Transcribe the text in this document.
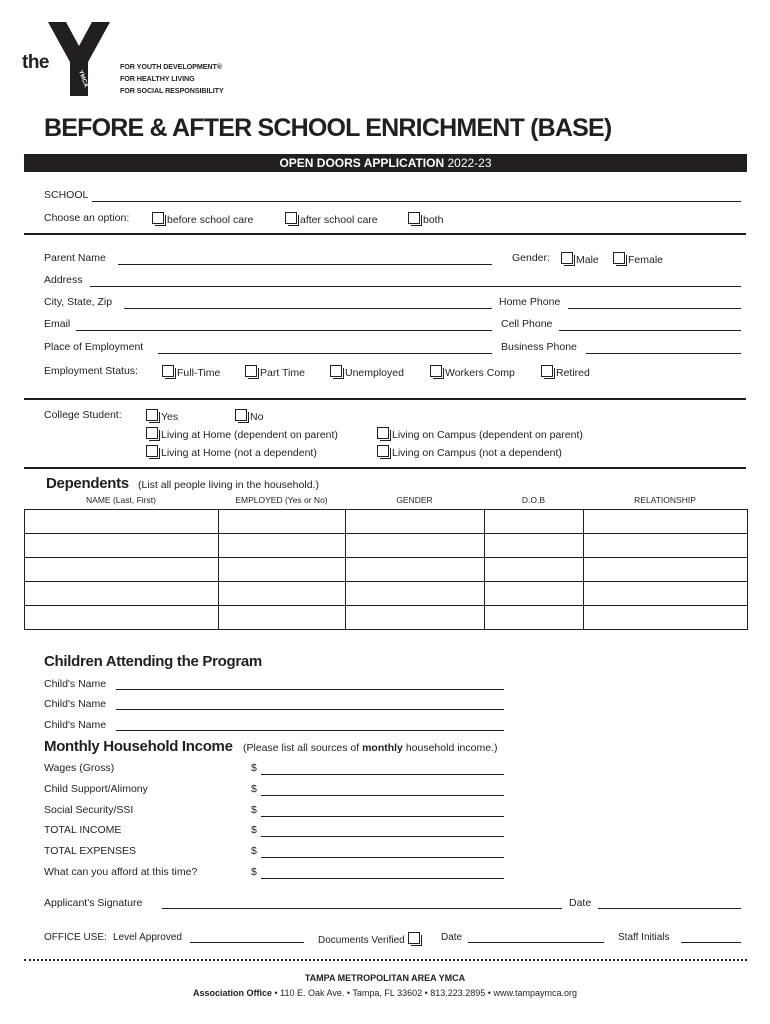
the
YMCA
FOR YOUTH DEVELOPMENT®
FOR HEALTHY LIVING
FOR SOCIAL RESPONSIBILITY
BEFORE & AFTER SCHOOL ENRICHMENT (BASE)
OPEN DOORS APPLICATION 2022-23
SCHOOL
Choose an option:	before school care	after school care	both
Parent Name	Gender:	Male	Female
Address
City, State, Zip	Home Phone
Email	Cell Phone
Place of Employment	Business Phone
Employment Status:	Full-Time	Part Time	Unemployed	Workers Comp	Retired
College Student:	Yes	No
Living at Home (dependent on parent)	Living on Campus (dependent on parent)
Living at Home (not a dependent)	Living on Campus (not a dependent)
Dependents (List all people living in the household.)
NAME (Last, First)	EMPLOYED (Yes or No)	GENDER	D.O.B	RELATIONSHIP

Children Attending the Program
Child's Name
Child's Name
Child's Name
Monthly Household Income (Please list all sources of monthly household income.)
Wages (Gross)	$
Child Support/Alimony	$
Social Security/SSI	$
TOTAL INCOME	$
TOTAL EXPENSES	$
What can you afford at this time?	$
Applicant's Signature	Date
OFFICE USE: Level Approved	Documents Verified	Date	Staff Initials
TAMPA METROPOLITAN AREA YMCA
Association Office • 110 E. Oak Ave. • Tampa, FL 33602 • 813.223.2895 • www.tampaymca.org
